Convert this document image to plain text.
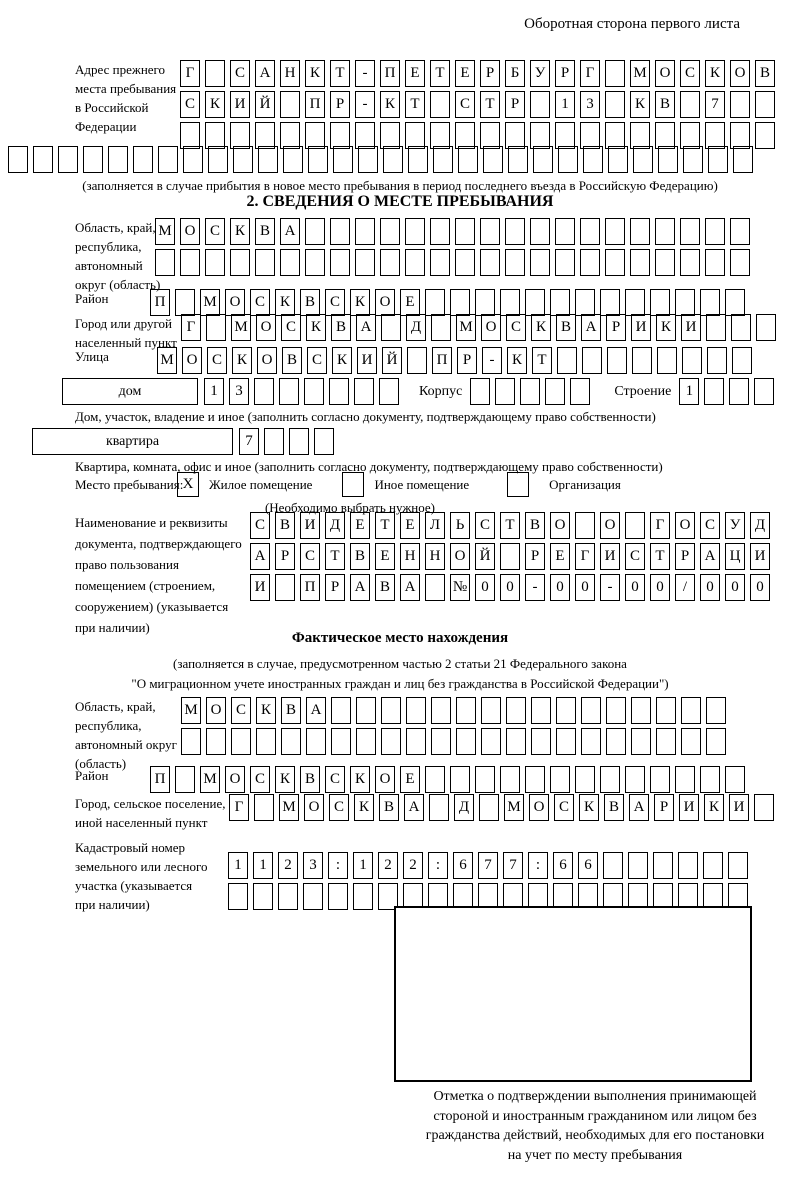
Оборотная сторона первого листа
Адрес прежнего
места пребывания
в Российской
Федерации
Г	С А Н К	Т	-	П Е	Т	Е	Р	Б	У	Р	Г	М О С К О В
С К И Й	П	Р	-	К	Т	С	Т	Р	1	3	К В	7
(заполняется в случае прибытия в новое место пребывания в период последнего въезда в Российскую Федерацию)
2. СВЕДЕНИЯ О МЕСТЕ ПРЕБЫВАНИЯ
Область, край,
республика,
автономный
округ (область)
М О С К В А
Район	П	М О С К В С К О Е
Город или другой
населенный пункт
Г	М О С К В А	Д	М О С К В А	Р	И К И
Улица	М О С К О В С К И Й	П	Р	-	К	Т
дом	1	3	Корпус	Строение 1
Дом, участок, владение и иное (заполнить согласно документу, подтверждающему право собственности)
квартира	7
Квартира, комната, офис и иное (заполнить согласно документу, подтверждающему право собственности)
Место пребывания: X	Жилое помещение	Иное помещение	Организация
(Необходимо выбрать нужное)
Наименование и реквизиты
документа, подтверждающего
право пользования
помещением (строением,
сооружением) (указывается
при наличии)
С В И Д	Е	Т	Е	Л	Ь	С	Т	В О	О	Г	О С У Д
А	Р	С	Т	В	Е	Н Н О Й	Р	Е	Г	И С	Т	Р	А Ц И
И	П	Р	А В А	№ 0	0	-	0	0	-	0	0	/	0	0	0
Фактическое место нахождения
(заполняется в случае, предусмотренном частью 2 статьи 21 Федерального закона
"О миграционном учете иностранных граждан и лиц без гражданства в Российской Федерации")
Область, край,
республика,
автономный округ
(область)
М О С К В А
Район	П	М О С К В С К О Е
Город, сельское поселение,
иной населенный пункт
Г	М О С К В А	Д	М О С К В А	Р	И К И
Кадастровый номер
земельного или лесного
участка (указывается
при наличии)
1	1	2	3	:	1	2	2	:	6	7	7	:	6	6
Отметка о подтверждении выполнения принимающей
стороной и иностранным гражданином или лицом без
гражданства действий, необходимых для его постановки
на учет по месту пребывания
